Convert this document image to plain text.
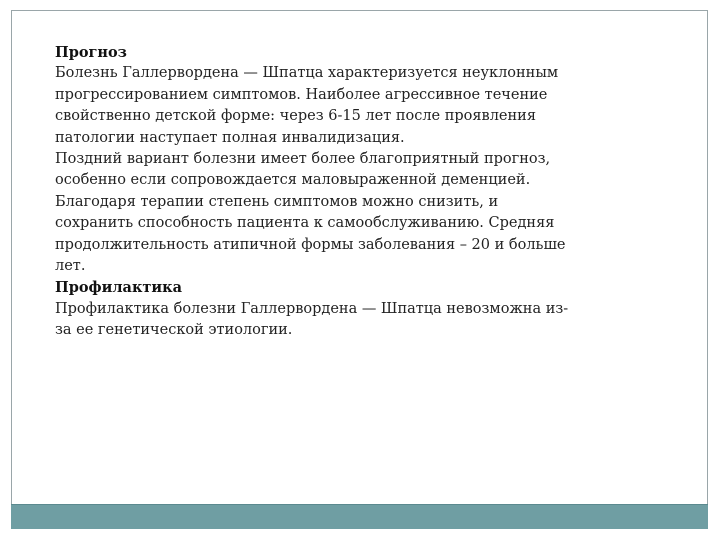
Прогноз

Болезнь Галлервордена — Шпатца характеризуется неуклонным прогрессированием симптомов. Наиболее агрессивное течение свойственно детской форме: через 6-15 лет после проявления патологии наступает полная инвалидизация.

Поздний вариант болезни имеет более благоприятный прогноз, особенно если сопровождается маловыраженной деменцией. Благодаря терапии степень симптомов можно снизить, и сохранить способность пациента к самообслуживанию. Средняя продолжительность атипичной формы заболевания – 20 и больше лет.

Профилактика

Профилактика болезни Галлервордена — Шпатца невозможна из-за ее генетической этиологии.
